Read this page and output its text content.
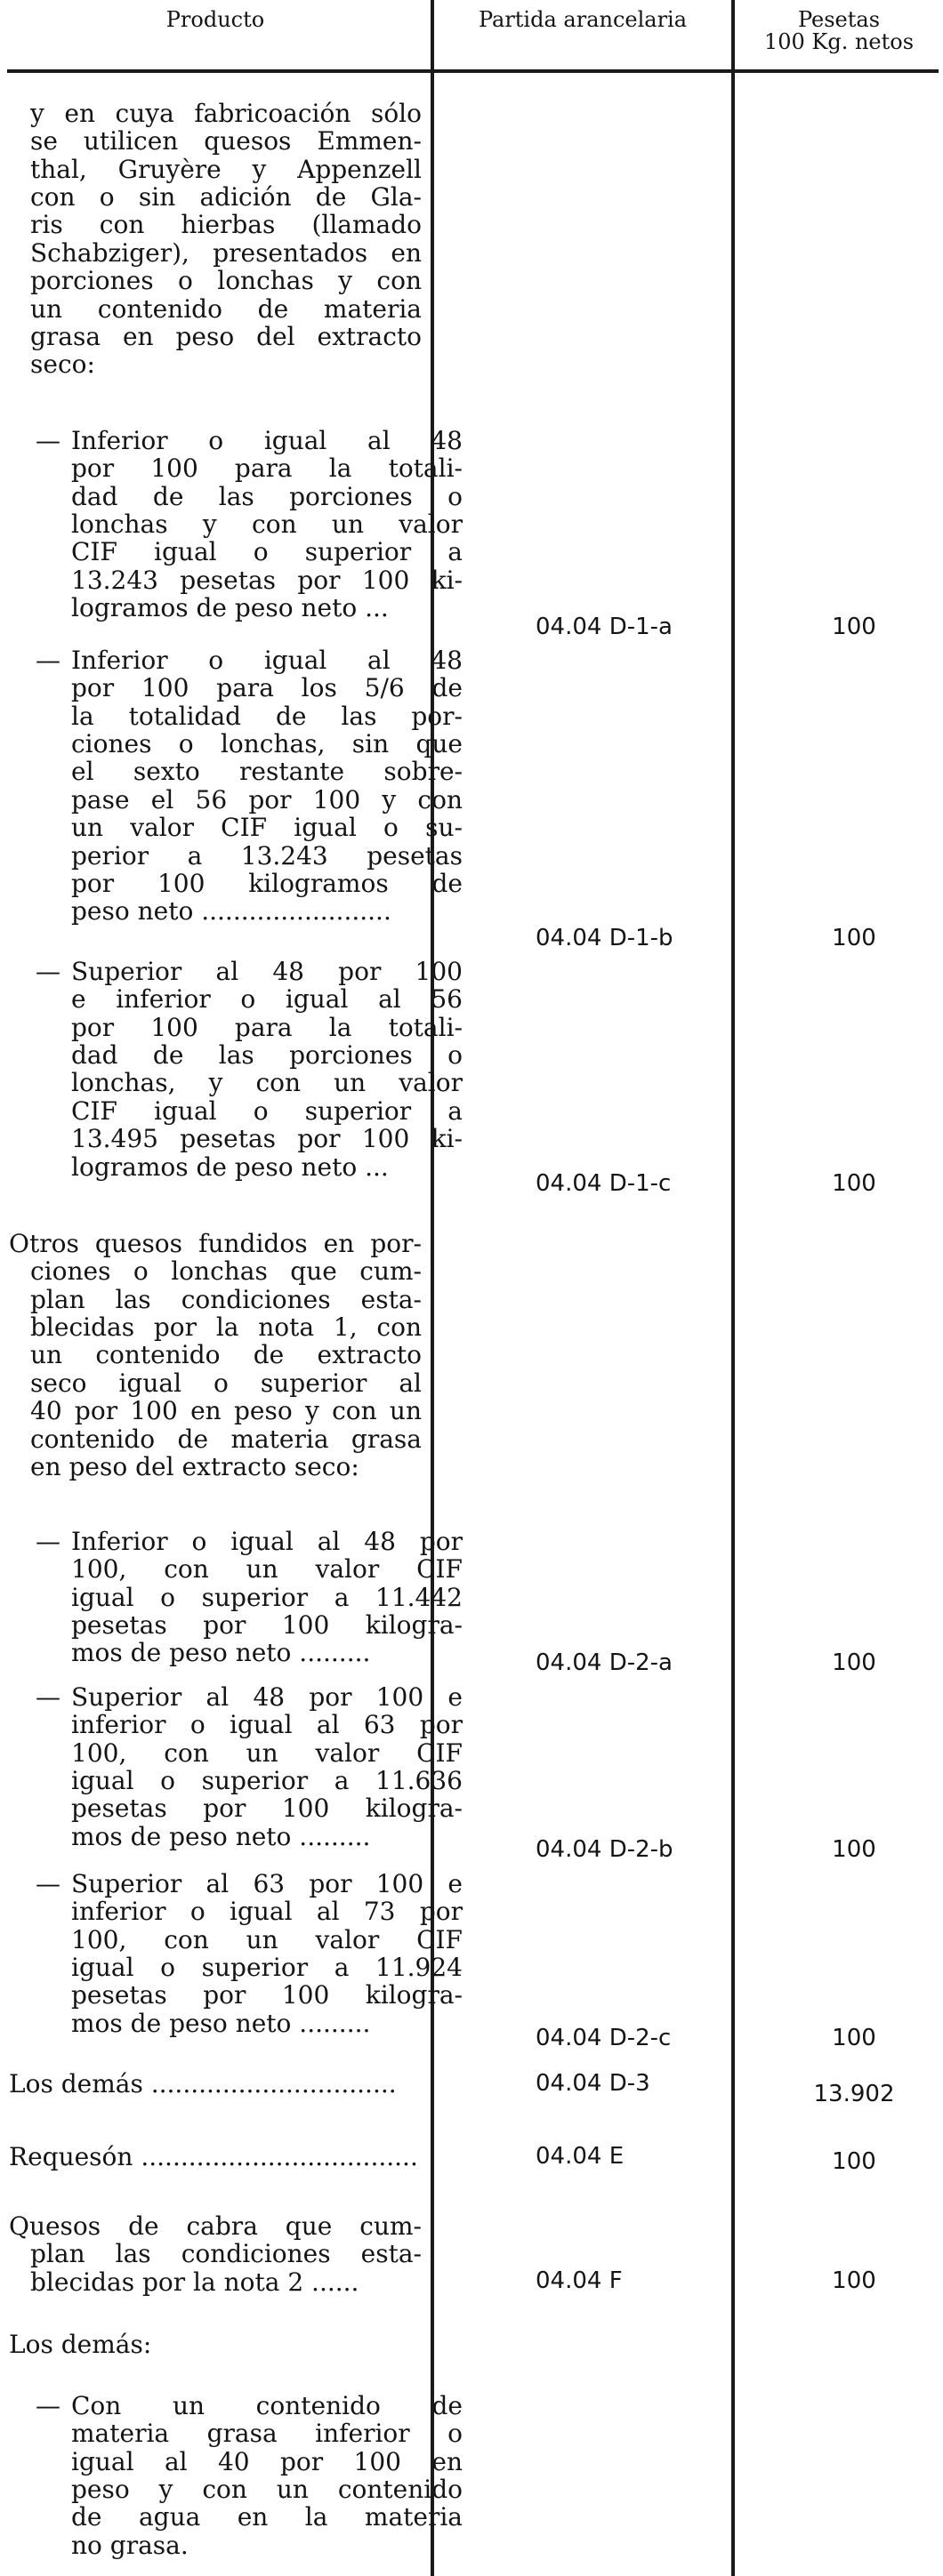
Producto	Partida arancelaria	Pesetas
100 Kg. netos
y en cuya fabricoación sólo
se utilicen quesos Emmen-
thal, Gruyère y Appenzell
con o sin adición de Gla-
ris con hierbas (llamado
Schabziger), presentados en
porciones o lonchas y con
un contenido de materia
grasa en peso del extracto
seco:
— Inferior o igual al 48
por 100 para la totali-
dad de las porciones o
lonchas y con un valor
CIF igual o superior a
13.243 pesetas por 100 ki-
logramos de peso neto ...
04.04 D-1-a	100
— Inferior o igual al 48
por 100 para los 5/6 de
la totalidad de las por-
ciones o lonchas, sin que
el sexto restante sobre-
pase el 56 por 100 y con
un valor CIF igual o su-
perior a 13.243 pesetas
por 100 kilogramos de
peso neto ........................
04.04 D-1-b	100
— Superior al 48 por 100
e inferior o igual al 56
por 100 para la totali-
dad de las porciones o
lonchas, y con un valor
CIF igual o superior a
13.495 pesetas por 100 ki-
logramos de peso neto ...
04.04 D-1-c	100
Otros quesos fundidos en por-
ciones o lonchas que cum-
plan las condiciones esta-
blecidas por la nota 1, con
un contenido de extracto
seco igual o superior al
40 por 100 en peso y con un
contenido de materia grasa
en peso del extracto seco:
— Inferior o igual al 48 por
100, con un valor CIF
igual o superior a 11.442
pesetas por 100 kilogra-
mos de peso neto .........	04.04 D-2-a	100
— Superior al 48 por 100 e
inferior o igual al 63 por
100, con un valor CIF
igual o superior a 11.636
pesetas por 100 kilogra-
mos de peso neto .........	04.04 D-2-b	100
— Superior al 63 por 100 e
inferior o igual al 73 por
100, con un valor CIF
igual o superior a 11.924
pesetas por 100 kilogra-
mos de peso neto .........
04.04 D-2-c	100
Los demás ...............................	04.04 D-3	13.902
Requesón ...................................	04.04 E	100
Quesos de cabra que cum-
plan las condiciones esta-
blecidas por la nota 2 ......	04.04 F	100
Los demás:
— Con un contenido de
materia grasa inferior o
igual al 40 por 100 en
peso y con un contenido
de agua en la materia
no grasa.
